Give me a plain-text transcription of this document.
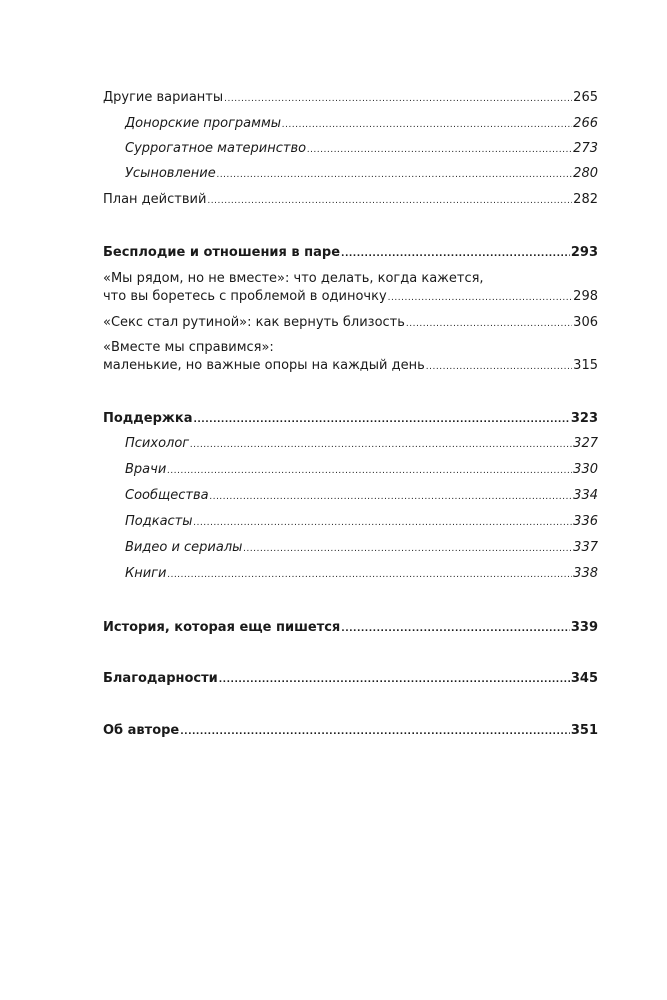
Другие варианты .....	265
Донорские программы .....	266
Суррогатное материнство .....	273
Усыновление .....	280
План действий .....	282
Бесплодие и отношения в паре .....	293
«Мы рядом, но не вместе»: что делать, когда кажется,
что вы боретесь с проблемой в одиночку .....	298
«Секс стал рутиной»: как вернуть близость .....	306
«Вместе мы справимся»:
маленькие, но важные опоры на каждый день .....	315
Поддержка .....	323
Психолог .....	327
Врачи .....	330
Сообщества .....	334
Подкасты .....	336
Видео и сериалы .....	337
Книги .....	338
История, которая еще пишется .....	339
Благодарности .....	345
Об авторе .....	351
